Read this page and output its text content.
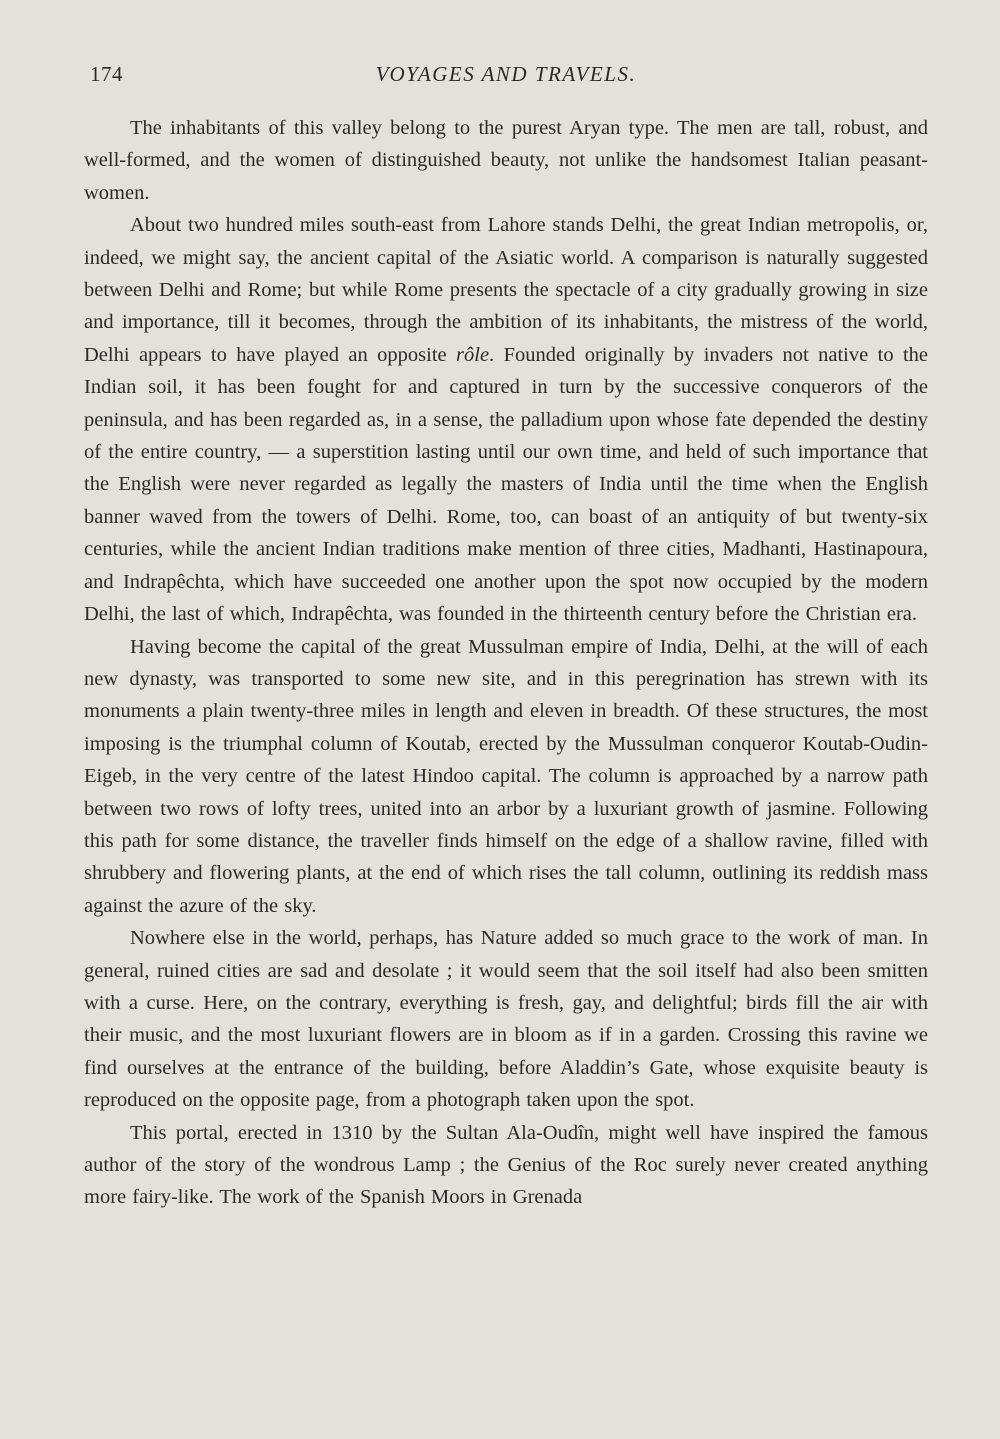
174	VOYAGES AND TRAVELS.

The inhabitants of this valley belong to the purest Aryan type. The men are tall, robust, and well-formed, and the women of distinguished beauty, not unlike the handsomest Italian peasant-women.

About two hundred miles south-east from Lahore stands Delhi, the great Indian metropolis, or, indeed, we might say, the ancient capital of the Asiatic world. A comparison is naturally suggested between Delhi and Rome; but while Rome presents the spectacle of a city gradually growing in size and importance, till it becomes, through the ambition of its inhabitants, the mistress of the world, Delhi appears to have played an opposite rôle. Founded originally by invaders not native to the Indian soil, it has been fought for and captured in turn by the successive conquerors of the peninsula, and has been regarded as, in a sense, the palladium upon whose fate depended the destiny of the entire country, — a superstition lasting until our own time, and held of such importance that the English were never regarded as legally the masters of India until the time when the English banner waved from the towers of Delhi. Rome, too, can boast of an antiquity of but twenty-six centuries, while the ancient Indian traditions make mention of three cities, Madhanti, Hastinapoura, and Indrapêchta, which have succeeded one another upon the spot now occupied by the modern Delhi, the last of which, Indrapêchta, was founded in the thirteenth century before the Christian era.

Having become the capital of the great Mussulman empire of India, Delhi, at the will of each new dynasty, was transported to some new site, and in this peregrination has strewn with its monuments a plain twenty-three miles in length and eleven in breadth. Of these structures, the most imposing is the triumphal column of Koutab, erected by the Mussulman conqueror Koutab-Oudin-Eigeb, in the very centre of the latest Hindoo capital. The column is approached by a narrow path between two rows of lofty trees, united into an arbor by a luxuriant growth of jasmine. Following this path for some distance, the traveller finds himself on the edge of a shallow ravine, filled with shrubbery and flowering plants, at the end of which rises the tall column, outlining its reddish mass against the azure of the sky.

Nowhere else in the world, perhaps, has Nature added so much grace to the work of man. In general, ruined cities are sad and desolate ; it would seem that the soil itself had also been smitten with a curse. Here, on the contrary, everything is fresh, gay, and delightful; birds fill the air with their music, and the most luxuriant flowers are in bloom as if in a garden. Crossing this ravine we find ourselves at the entrance of the building, before Aladdin’s Gate, whose exquisite beauty is reproduced on the opposite page, from a photograph taken upon the spot.

This portal, erected in 1310 by the Sultan Ala-Oudîn, might well have inspired the famous author of the story of the wondrous Lamp ; the Genius of the Roc surely never created anything more fairy-like. The work of the Spanish Moors in Grenada
